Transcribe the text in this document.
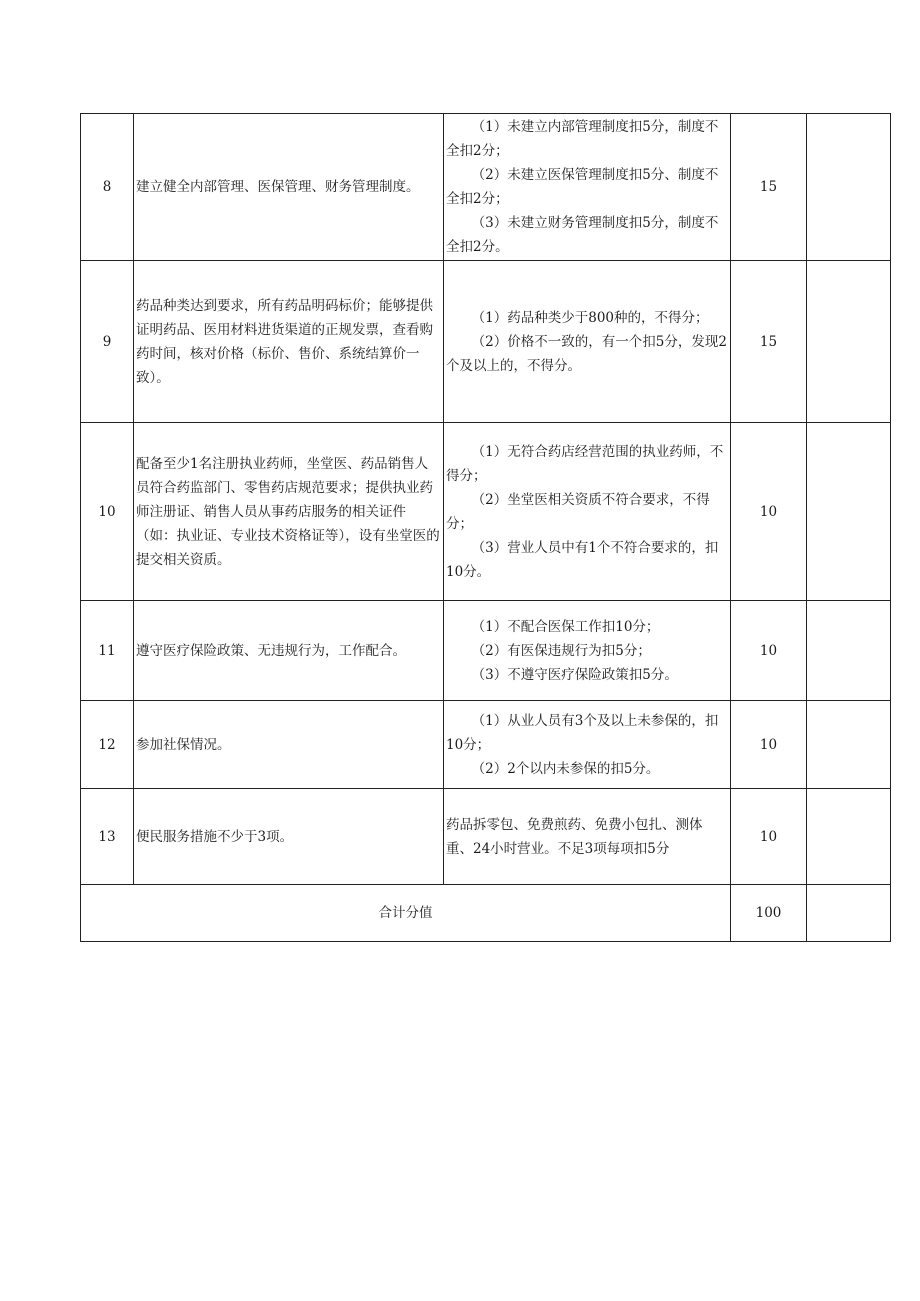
8	建立健全内部管理、医保管理、财务管理制度。	（1）未建立内部管理制度扣5分，制度不全扣2分；
（2）未建立医保管理制度扣5分、制度不全扣2分；
（3）未建立财务管理制度扣5分，制度不全扣2分。	15	
9	药品种类达到要求，所有药品明码标价；能够提供证明药品、医用材料进货渠道的正规发票，查看购药时间，核对价格（标价、售价、系统结算价一致）。	（1）药品种类少于800种的，不得分；
（2）价格不一致的，有一个扣5分，发现2个及以上的，不得分。	15	
10	配备至少1名注册执业药师，坐堂医、药品销售人员符合药监部门、零售药店规范要求；提供执业药师注册证、销售人员从事药店服务的相关证件（如：执业证、专业技术资格证等），设有坐堂医的提交相关资质。	（1）无符合药店经营范围的执业药师，不得分；
（2）坐堂医相关资质不符合要求，不得分；
（3）营业人员中有1个不符合要求的，扣10分。	10	
11	遵守医疗保险政策、无违规行为，工作配合。	（1）不配合医保工作扣10分；
（2）有医保违规行为扣5分；
（3）不遵守医疗保险政策扣5分。	10	
12	参加社保情况。	（1）从业人员有3个及以上未参保的，扣10分；
（2）2个以内未参保的扣5分。	10	
13	便民服务措施不少于3项。	药品拆零包、免费煎药、免费小包扎、测体重、24小时营业。不足3项每项扣5分	10	
合计分值			100	
